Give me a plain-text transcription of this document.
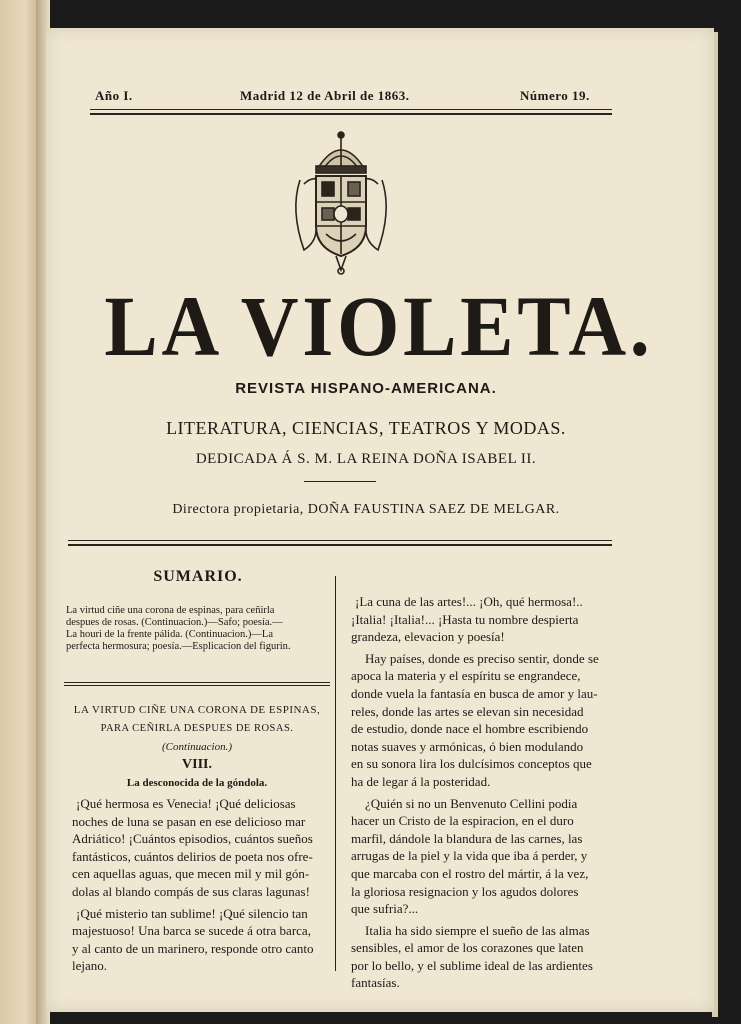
Año I.	Madrid 12 de Abril de 1863.	Número 19.
LA VIOLETA.
REVISTA HISPANO-AMERICANA.
LITERATURA, CIENCIAS, TEATROS Y MODAS.
DEDICADA Á S. M. LA REINA DOÑA ISABEL II.
Directora propietaria, DOÑA FAUSTINA SAEZ DE MELGAR.
SUMARIO.
La virtud ciñe una corona de espinas, para ceñirla
despues de rosas. (Continuacion.)—Safo; poesía.—
La houri de la frente pálida. (Continuacion.)—La
perfecta hermosura; poesía.—Esplicacion del figurin.
LA VIRTUD CIÑE UNA CORONA DE ESPINAS,
PARA CEÑIRLA DESPUES DE ROSAS.
(Continuacion.)
VIII.
La desconocida de la góndola.
¡Qué hermosa es Venecia! ¡Qué deliciosas
noches de luna se pasan en ese delicioso mar
Adriático! ¡Cuántos episodios, cuántos sueños
fantásticos, cuántos delirios de poeta nos ofre-
cen aquellas aguas, que mecen mil y mil gón-
dolas al blando compás de sus claras lagunas!
¡Qué misterio tan sublime! ¡Qué silencio tan
majestuoso! Una barca se sucede á otra barca,
y al canto de un marinero, responde otro canto
lejano.
¡La cuna de las artes!... ¡Oh, qué hermosa!..
¡Italia! ¡Italia!... ¡Hasta tu nombre despierta
grandeza, elevacion y poesía!
Hay países, donde es preciso sentir, donde se
apoca la materia y el espíritu se engrandece,
donde vuela la fantasía en busca de amor y lau-
reles, donde las artes se elevan sin necesidad
de estudio, donde nace el hombre escribiendo
notas suaves y armónicas, ó bien modulando
en su sonora lira los dulcísimos conceptos que
ha de legar á la posteridad.
¿Quién si no un Benvenuto Cellini podia
hacer un Cristo de la espiracion, en el duro
marfil, dándole la blandura de las carnes, las
arrugas de la piel y la vida que iba á perder, y
que marcaba con el rostro del mártir, á la vez,
la gloriosa resignacion y los agudos dolores
que sufria?...
Italia ha sido siempre el sueño de las almas
sensibles, el amor de los corazones que laten
por lo bello, y el sublime ideal de las ardientes
fantasías.
